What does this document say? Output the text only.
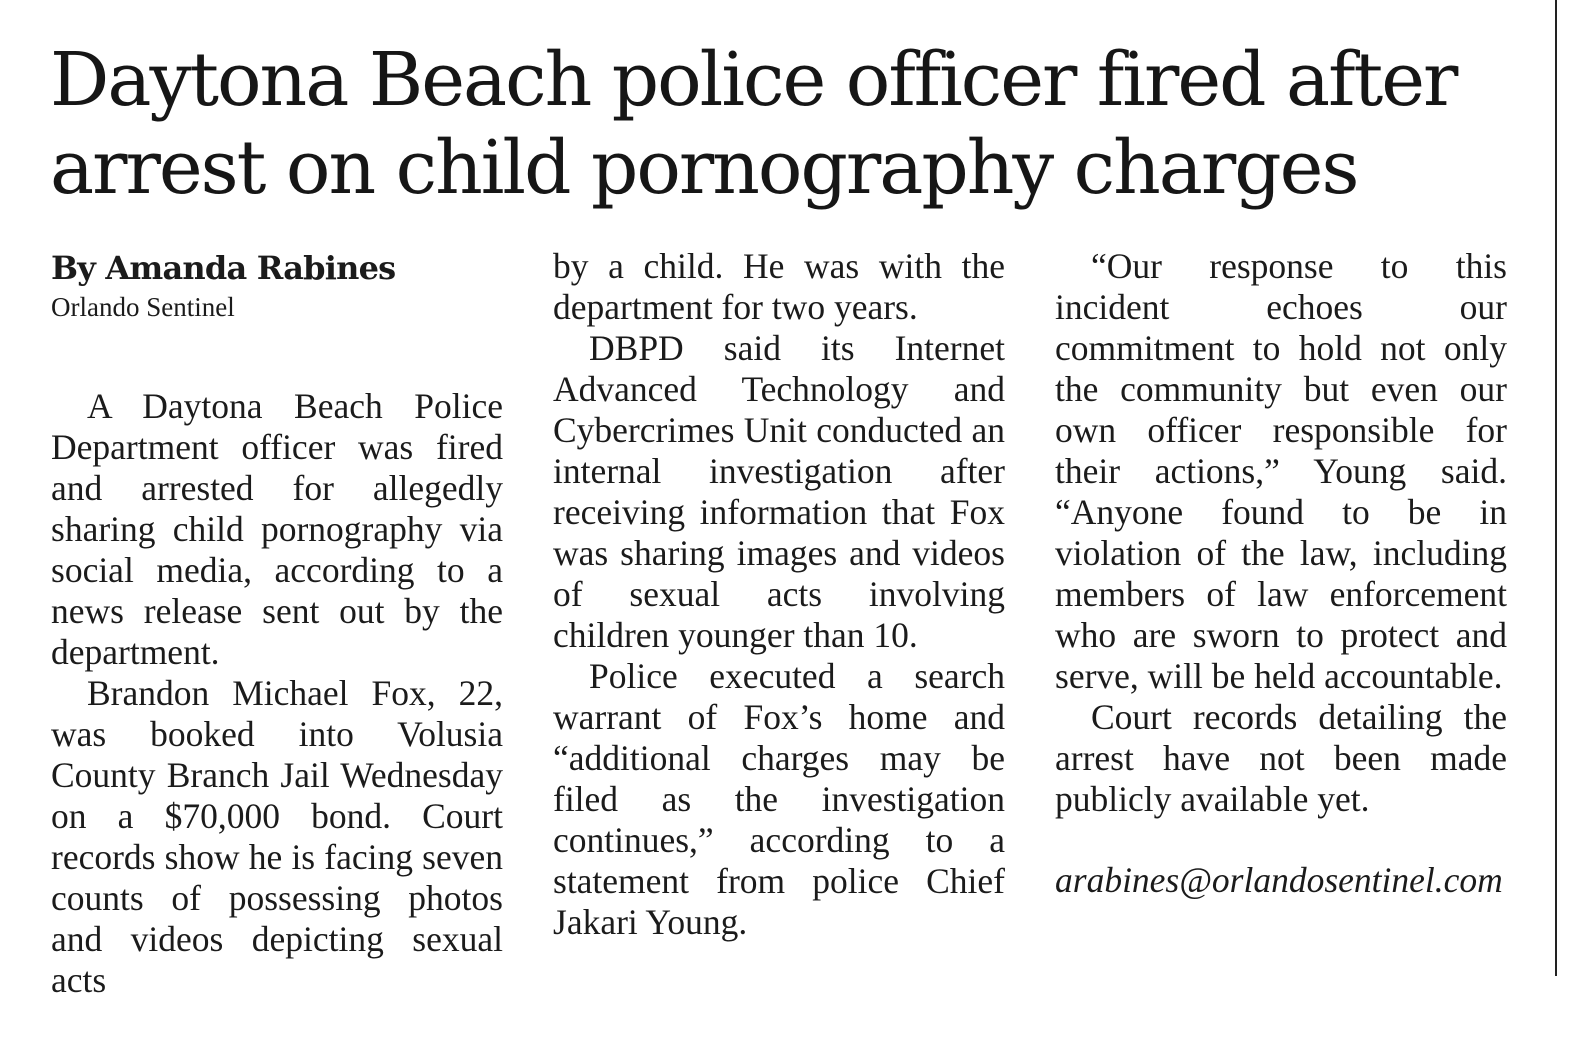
Daytona Beach police officer fired after arrest on child pornography charges

By Amanda Rabines

Orlando Sentinel

A Daytona Beach Police Department officer was fired and arrested for allegedly sharing child pornography via social media, according to a news release sent out by the department.

Brandon Michael Fox, 22, was booked into Volusia County Branch Jail Wednesday on a $70,000 bond. Court records show he is facing seven counts of possessing photos and videos depicting sexual acts

by a child. He was with the department for two years.

DBPD said its Internet Advanced Technology and Cybercrimes Unit conducted an internal investigation after receiving information that Fox was sharing images and videos of sexual acts involving children younger than 10.

Police executed a search warrant of Fox’s home and “additional charges may be filed as the investigation continues,” according to a statement from police Chief Jakari Young.

“Our response to this incident echoes our commitment to hold not only the community but even our own officer responsible for their actions,” Young said. “Anyone found to be in violation of the law, including members of law enforcement who are sworn to protect and serve, will be held accountable.

Court records detailing the arrest have not been made publicly available yet.

arabines@orlandosentinel.com
